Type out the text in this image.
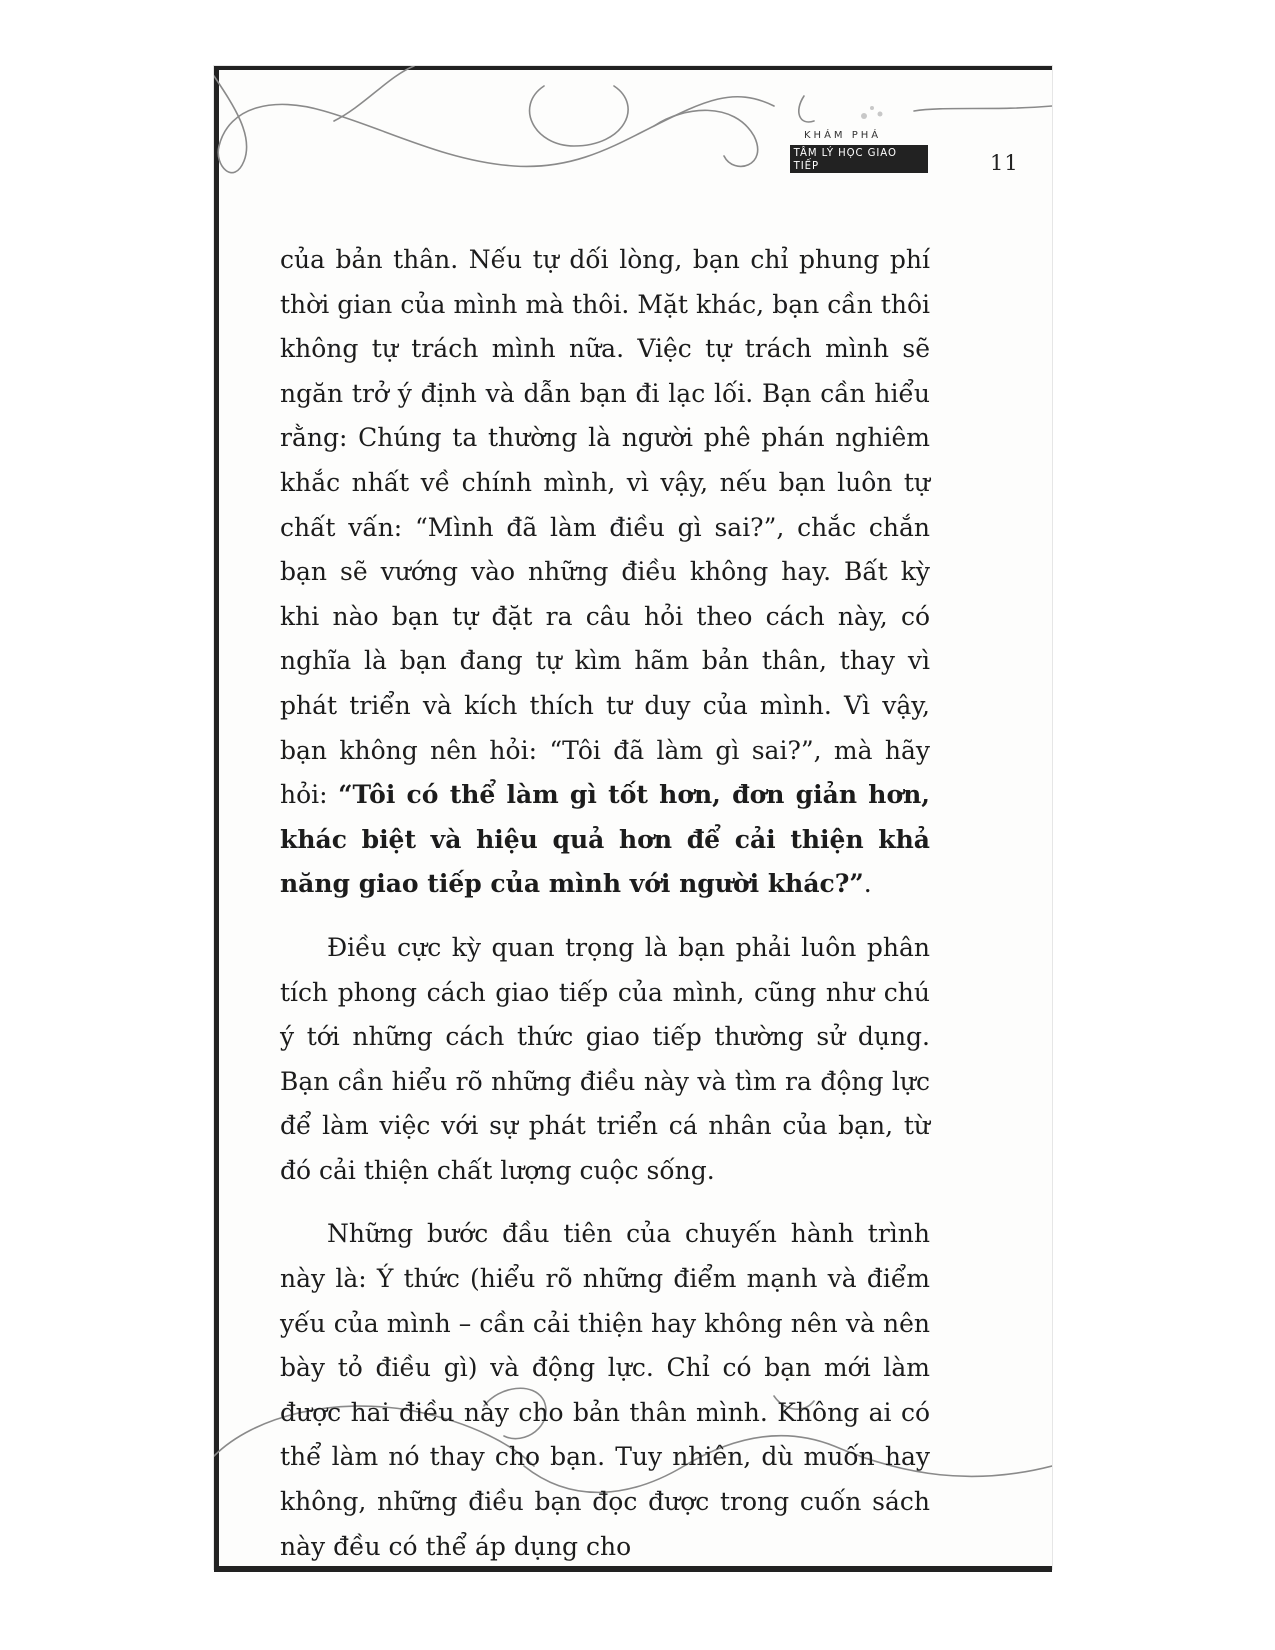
KHÁM PHÁ
TÂM LÝ HỌC GIAO TIẾP	11

của bản thân. Nếu tự dối lòng, bạn chỉ phung phí thời gian của mình mà thôi. Mặt khác, bạn cần thôi không tự trách mình nữa. Việc tự trách mình sẽ ngăn trở ý định và dẫn bạn đi lạc lối. Bạn cần hiểu rằng: Chúng ta thường là người phê phán nghiêm khắc nhất về chính mình, vì vậy, nếu bạn luôn tự chất vấn: “Mình đã làm điều gì sai?”, chắc chắn bạn sẽ vướng vào những điều không hay. Bất kỳ khi nào bạn tự đặt ra câu hỏi theo cách này, có nghĩa là bạn đang tự kìm hãm bản thân, thay vì phát triển và kích thích tư duy của mình. Vì vậy, bạn không nên hỏi: “Tôi đã làm gì sai?”, mà hãy hỏi: “Tôi có thể làm gì tốt hơn, đơn giản hơn, khác biệt và hiệu quả hơn để cải thiện khả năng giao tiếp của mình với người khác?”.

Điều cực kỳ quan trọng là bạn phải luôn phân tích phong cách giao tiếp của mình, cũng như chú ý tới những cách thức giao tiếp thường sử dụng. Bạn cần hiểu rõ những điều này và tìm ra động lực để làm việc với sự phát triển cá nhân của bạn, từ đó cải thiện chất lượng cuộc sống.

Những bước đầu tiên của chuyến hành trình này là: Ý thức (hiểu rõ những điểm mạnh và điểm yếu của mình – cần cải thiện hay không nên và nên bày tỏ điều gì) và động lực. Chỉ có bạn mới làm được hai điều này cho bản thân mình. Không ai có thể làm nó thay cho bạn. Tuy nhiên, dù muốn hay không, những điều bạn đọc được trong cuốn sách này đều có thể áp dụng cho
